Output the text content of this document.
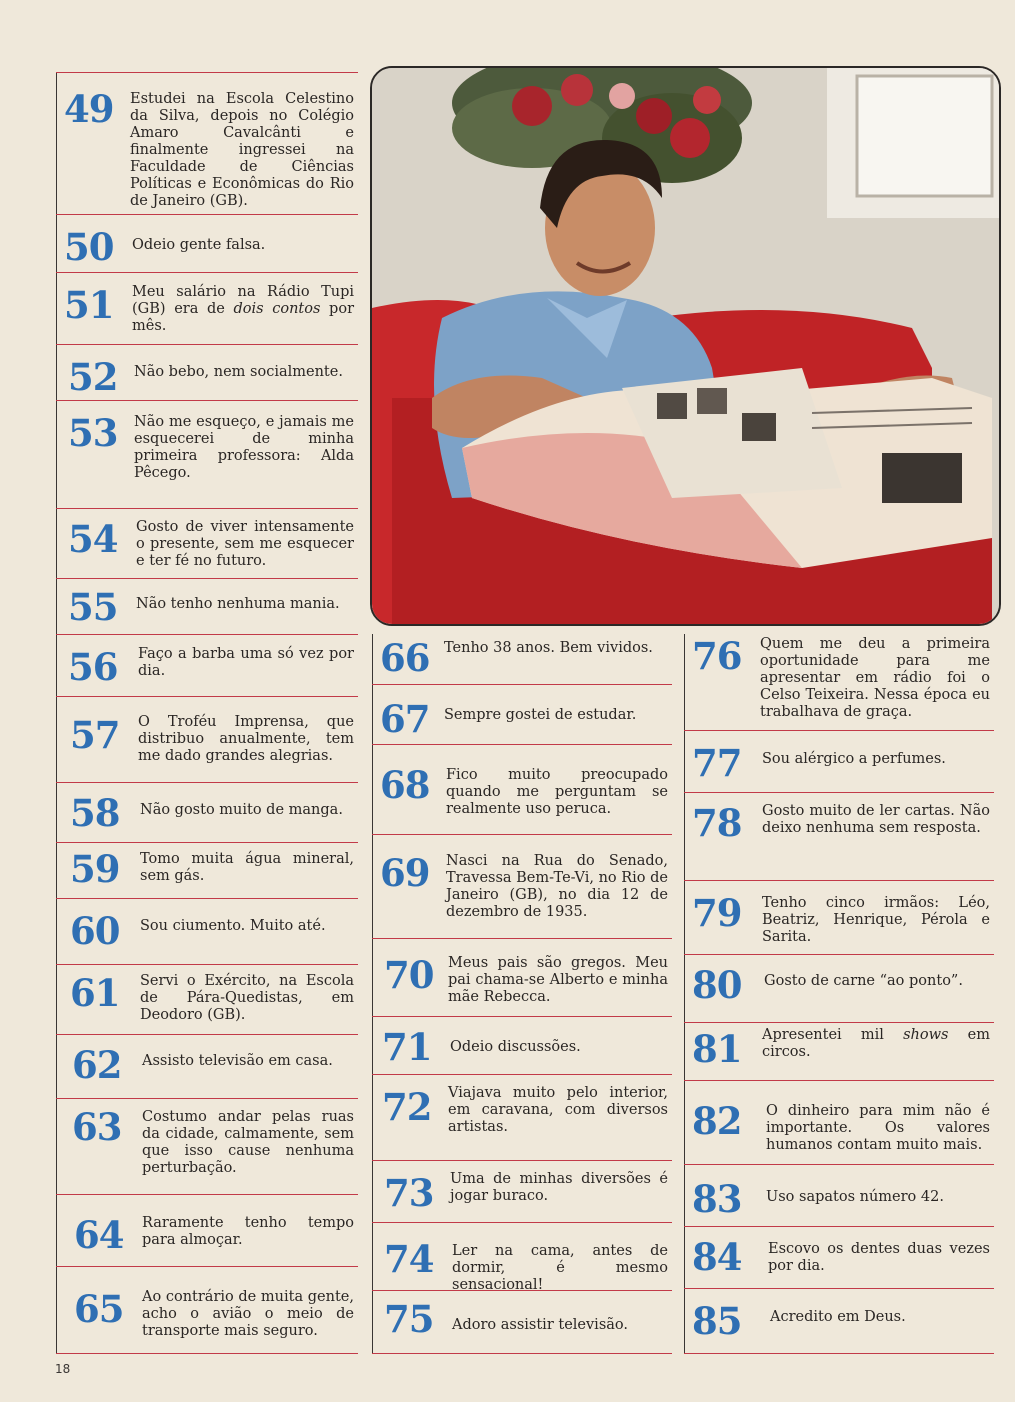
49 Estudei na Escola Celestino da Silva, depois no Colégio Amaro Cavalcânti e finalmente ingressei na Faculdade de Ciências Políticas e Econômicas do Rio de Janeiro (GB).
50 Odeio gente falsa.
51 Meu salário na Rádio Tupi (GB) era de dois contos por mês.
52 Não bebo, nem socialmente.
53 Não me esqueço, e jamais me esquecerei de minha primeira professora: Alda Pêcego.
54 Gosto de viver intensamente o presente, sem me esquecer e ter fé no futuro.
55 Não tenho nenhuma mania.
56 Faço a barba uma só vez por dia.
57 O Troféu Imprensa, que distribuo anualmente, tem me dado grandes alegrias.
58 Não gosto muito de manga.
59 Tomo muita água mineral, sem gás.
60 Sou ciumento. Muito até.
61 Servi o Exército, na Escola de Pára-Quedistas, em Deodoro (GB).
62 Assisto televisão em casa.
63 Costumo andar pelas ruas da cidade, calmamente, sem que isso cause nenhuma perturbação.
64 Raramente tenho tempo para almoçar.
65 Ao contrário de muita gente, acho o avião o meio de transporte mais seguro.
66 Tenho 38 anos. Bem vividos.
67 Sempre gostei de estudar.
68 Fico muito preocupado quando me perguntam se realmente uso peruca.
69 Nasci na Rua do Senado, Travessa Bem-Te-Vi, no Rio de Janeiro (GB), no dia 12 de dezembro de 1935.
70 Meus pais são gregos. Meu pai chama-se Alberto e minha mãe Rebecca.
71 Odeio discussões.
72 Viajava muito pelo interior, em caravana, com diversos artistas.
73 Uma de minhas diversões é jogar buraco.
74 Ler na cama, antes de dormir, é mesmo sensacional!
75 Adoro assistir televisão.
76 Quem me deu a primeira oportunidade para me apresentar em rádio foi o Celso Teixeira. Nessa época eu trabalhava de graça.
77 Sou alérgico a perfumes.
78 Gosto muito de ler cartas. Não deixo nenhuma sem resposta.
79 Tenho cinco irmãos: Léo, Beatriz, Henrique, Pérola e Sarita.
80 Gosto de carne “ao ponto”.
81 Apresentei mil shows em circos.
82 O dinheiro para mim não é importante. Os valores humanos contam muito mais.
83 Uso sapatos número 42.
84 Escovo os dentes duas vezes por dia.
85 Acredito em Deus.
18
